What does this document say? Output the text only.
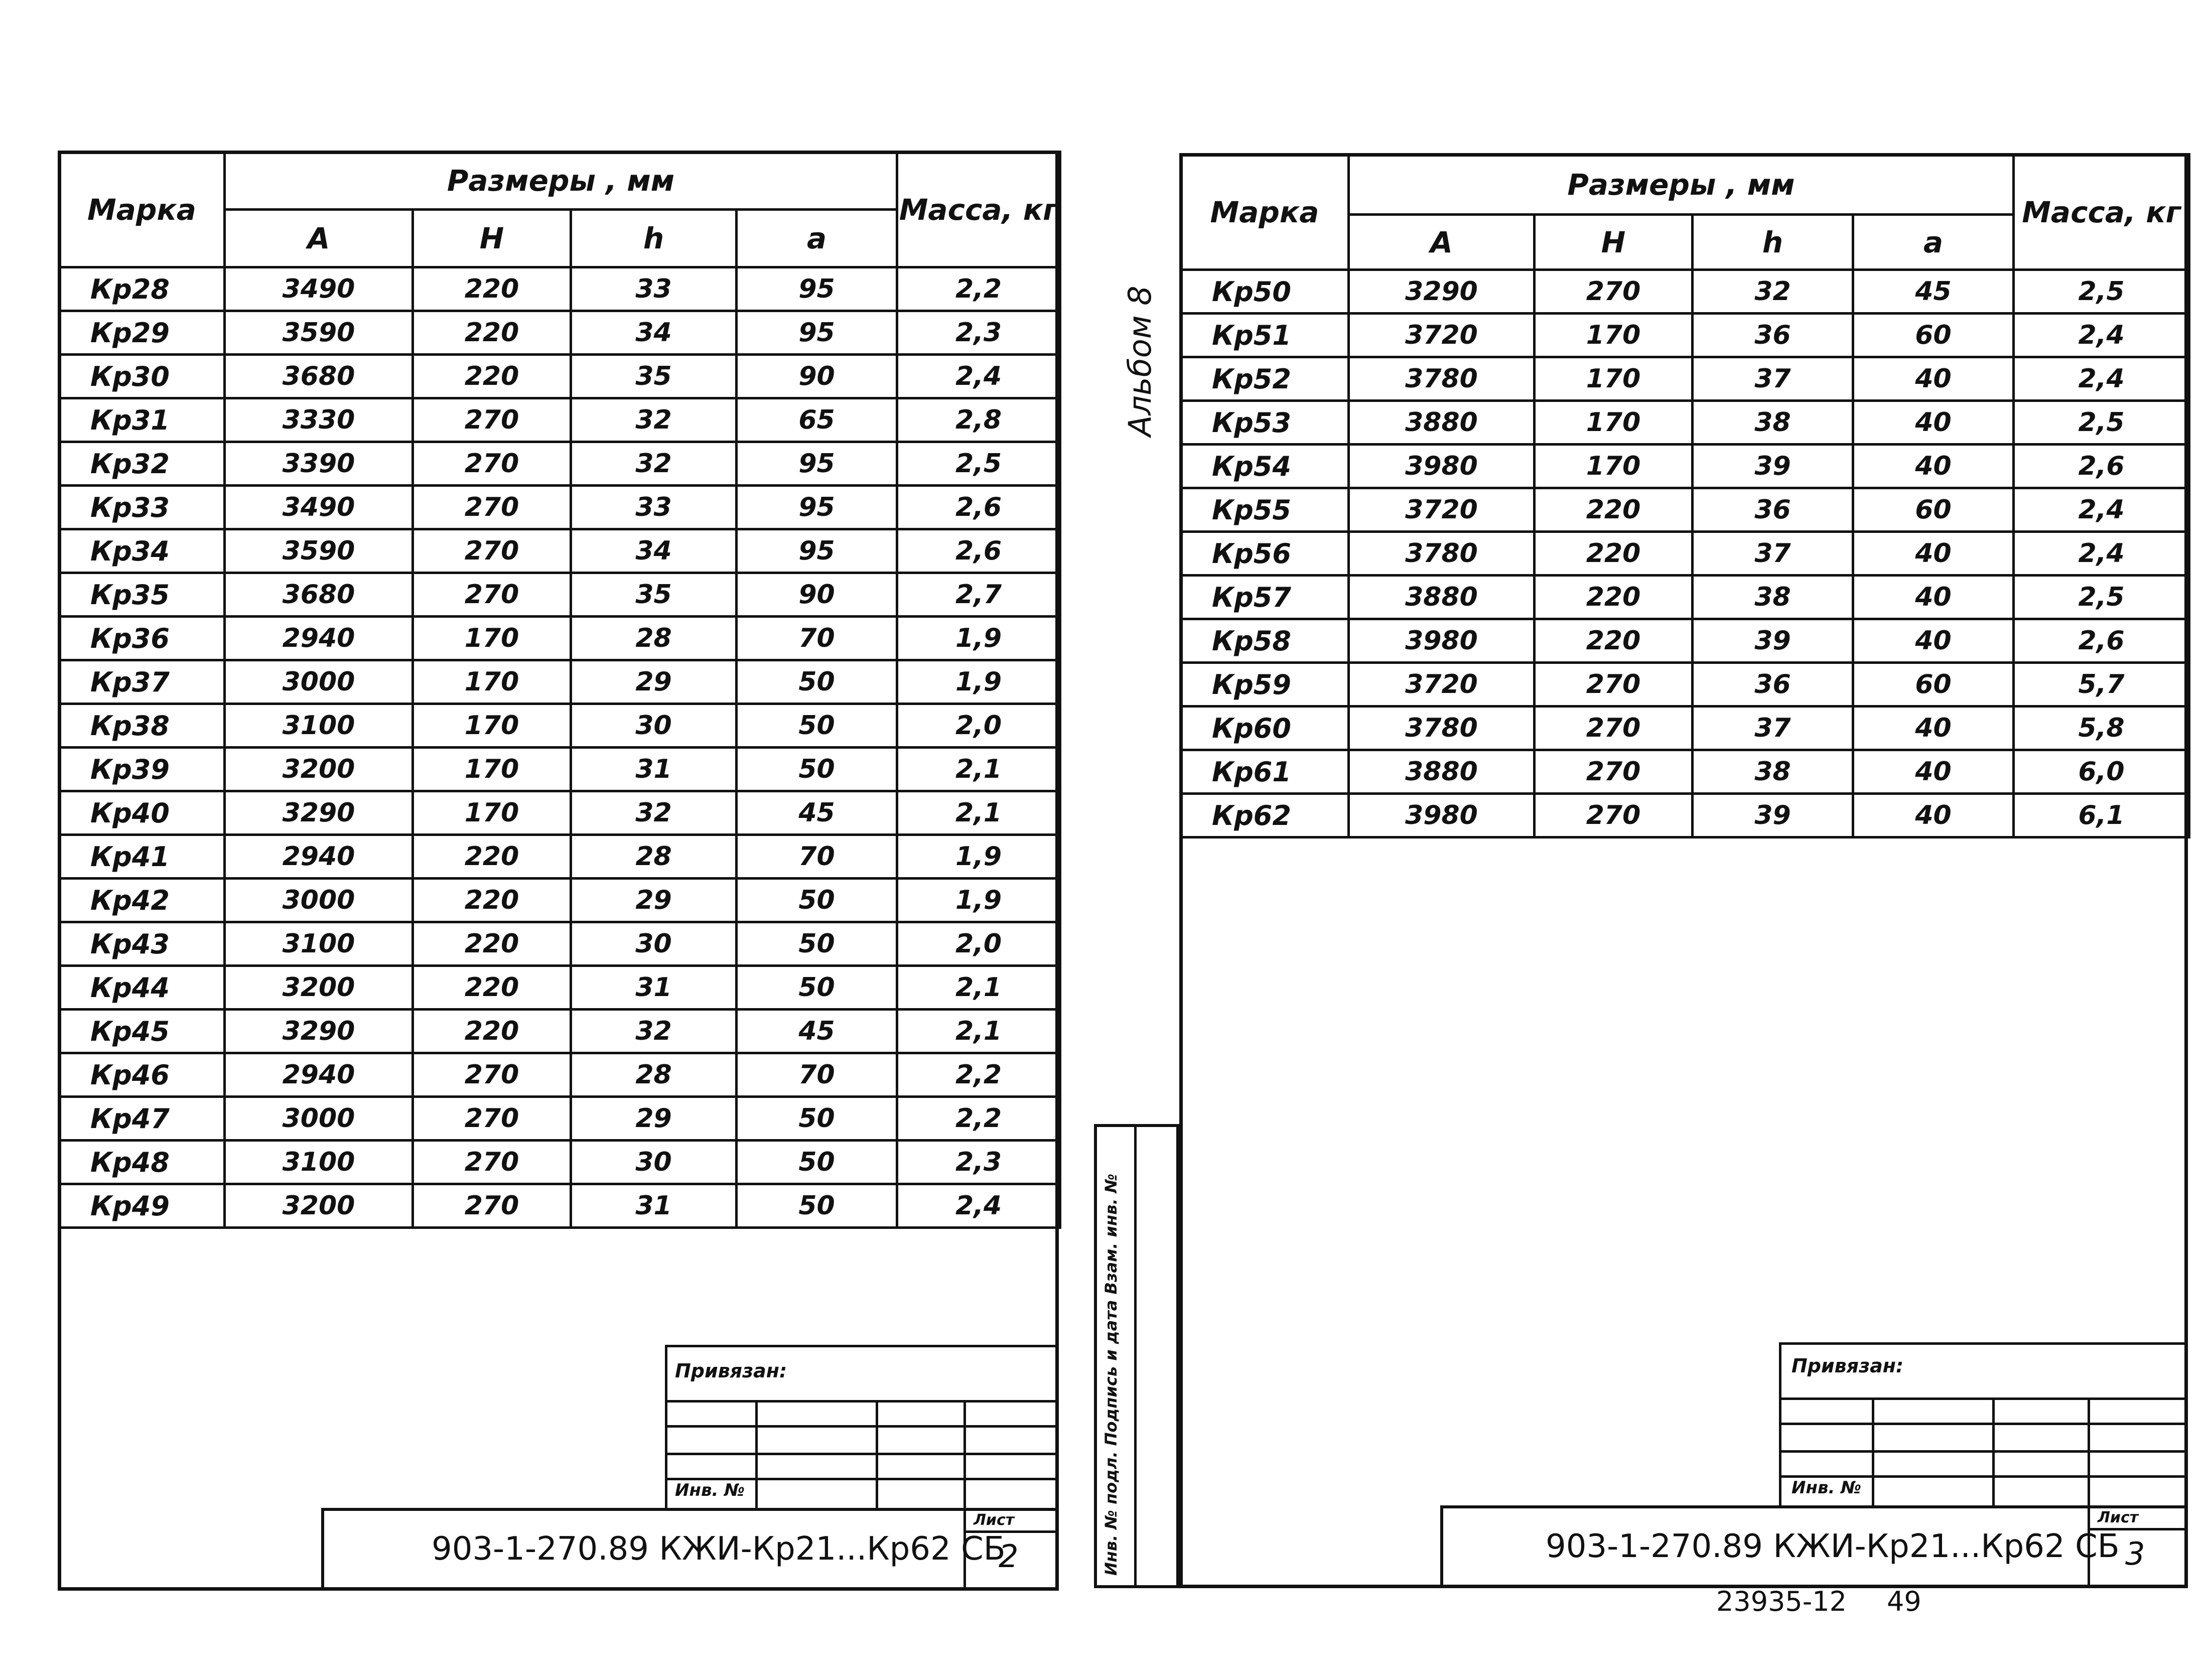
Марка	Размеры , мм				Масса, кг
	A	H	h	a	
Кр28	3490	220	33	95	2,2
Кр29	3590	220	34	95	2,3
Кр30	3680	220	35	90	2,4
Кр31	3330	270	32	65	2,8
Кр32	3390	270	32	95	2,5
Кр33	3490	270	33	95	2,6
Кр34	3590	270	34	95	2,6
Кр35	3680	270	35	90	2,7
Кр36	2940	170	28	70	1,9
Кр37	3000	170	29	50	1,9
Кр38	3100	170	30	50	2,0
Кр39	3200	170	31	50	2,1
Кр40	3290	170	32	45	2,1
Кр41	2940	220	28	70	1,9
Кр42	3000	220	29	50	1,9
Кр43	3100	220	30	50	2,0
Кр44	3200	220	31	50	2,1
Кр45	3290	220	32	45	2,1
Кр46	2940	270	28	70	2,2
Кр47	3000	270	29	50	2,2
Кр48	3100	270	30	50	2,3
Кр49	3200	270	31	50	2,4
Привязан:
Инв. №
903-1-270.89 КЖИ-Кр21...Кр62 СБ
Лист
2
Марка	Размеры , мм				Масса, кг
	A	H	h	a	
Кр50	3290	270	32	45	2,5
Кр51	3720	170	36	60	2,4
Кр52	3780	170	37	40	2,4
Кр53	3880	170	38	40	2,5
Кр54	3980	170	39	40	2,6
Кр55	3720	220	36	60	2,4
Кр56	3780	220	37	40	2,4
Кр57	3880	220	38	40	2,5
Кр58	3980	220	39	40	2,6
Кр59	3720	270	36	60	5,7
Кр60	3780	270	37	40	5,8
Кр61	3880	270	38	40	6,0
Кр62	3980	270	39	40	6,1
Альбом 8
Инв. № подл. Подпись и дата Взам. инв. №	Привязан:
Инв. №
903-1-270.89 КЖИ-Кр21...Кр62 СБ
Лист
3
23935-12 49
